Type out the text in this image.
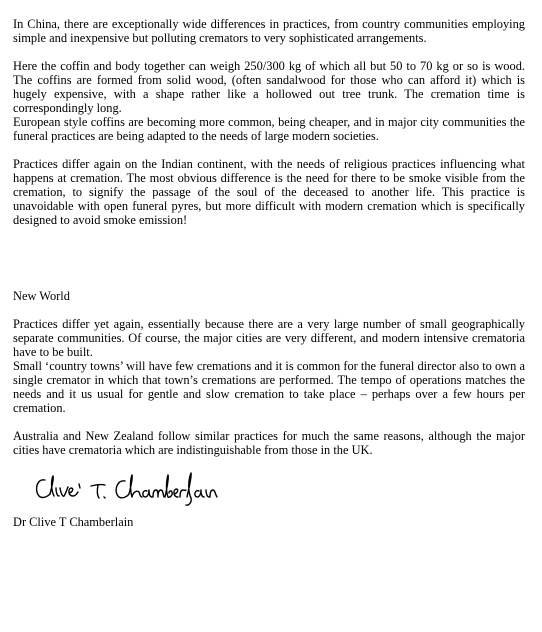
In China, there are exceptionally wide differences in practices, from country communities employing simple and inexpensive but polluting cremators to very sophisticated arrangements.

Here the coffin and body together can weigh 250/300 kg of which all but 50 to 70 kg or so is wood. The coffins are formed from solid wood, (often sandalwood for those who can afford it) which is hugely expensive, with a shape rather like a hollowed out tree trunk. The cremation time is correspondingly long.

European style coffins are becoming more common, being cheaper, and in major city communities the funeral practices are being adapted to the needs of large modern societies.

Practices differ again on the Indian continent, with the needs of religious practices influencing what happens at cremation. The most obvious difference is the need for there to be smoke visible from the cremation, to signify the passage of the soul of the deceased to another life. This practice is unavoidable with open funeral pyres, but more difficult with modern cremation which is specifically designed to avoid smoke emission!

New World

Practices differ yet again, essentially because there are a very large number of small geographically separate communities. Of course, the major cities are very different, and modern intensive crematoria have to be built.

Small ‘country towns’ will have few cremations and it is common for the funeral director also to own a single cremator in which that town’s cremations are performed. The tempo of operations matches the needs and it us usual for gentle and slow cremation to take place – perhaps over a few hours per cremation.

Australia and New Zealand follow similar practices for much the same reasons, although the major cities have crematoria which are indistinguishable from those in the UK.

Dr Clive T Chamberlain
